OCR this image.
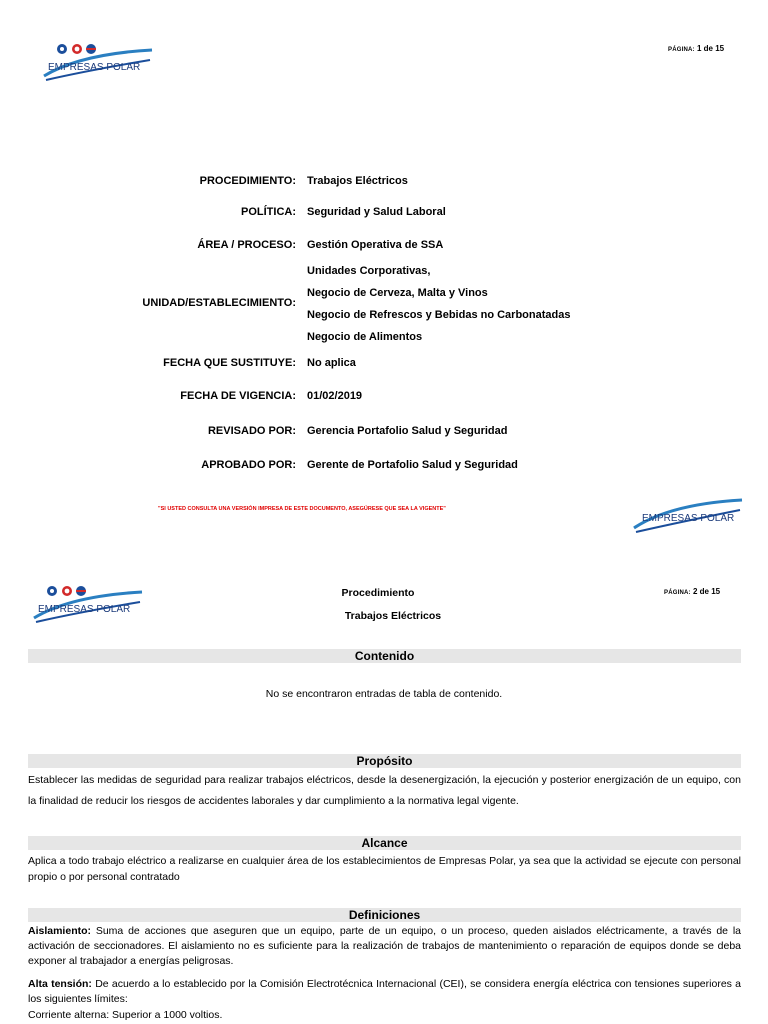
EMPRESAS POLAR
PÁGINA: 1 de 15
PROCEDIMIENTO: Trabajos Eléctricos
POLÍTICA: Seguridad y Salud Laboral
ÁREA / PROCESO: Gestión Operativa de SSA
UNIDAD/ESTABLECIMIENTO:
Unidades Corporativas,
Negocio de Cerveza, Malta y Vinos
Negocio de Refrescos y Bebidas no Carbonatadas
Negocio de Alimentos
FECHA QUE SUSTITUYE: No aplica
FECHA DE VIGENCIA: 01/02/2019
REVISADO POR: Gerencia Portafolio Salud y Seguridad
APROBADO POR: Gerente de Portafolio Salud y Seguridad
"SI USTED CONSULTA UNA VERSIÓN IMPRESA DE ESTE DOCUMENTO, ASEGÚRESE QUE SEA LA VIGENTE"
EMPRESAS POLAR
EMPRESAS POLAR
Procedimiento
Trabajos Eléctricos
PÁGINA: 2 de 15
Contenido
No se encontraron entradas de tabla de contenido.
Propósito
Establecer las medidas de seguridad para realizar trabajos eléctricos, desde la desenergización, la ejecución y posterior energización de un equipo, con la finalidad de reducir los riesgos de accidentes laborales y dar cumplimiento a la normativa legal vigente.
Alcance
Aplica a todo trabajo eléctrico a realizarse en cualquier área de los establecimientos de Empresas Polar, ya sea que la actividad se ejecute con personal propio o por personal contratado
Definiciones
Aislamiento: Suma de acciones que aseguren que un equipo, parte de un equipo, o un proceso, queden aislados eléctricamente, a través de la activación de seccionadores. El aislamiento no es suficiente para la realización de trabajos de mantenimiento o reparación de equipos donde se deba exponer al trabajador a energías peligrosas.
Alta tensión: De acuerdo a lo establecido por la Comisión Electrotécnica Internacional (CEI), se considera energía eléctrica con tensiones superiores a los siguientes límites:
Corriente alterna: Superior a 1000 voltios.
